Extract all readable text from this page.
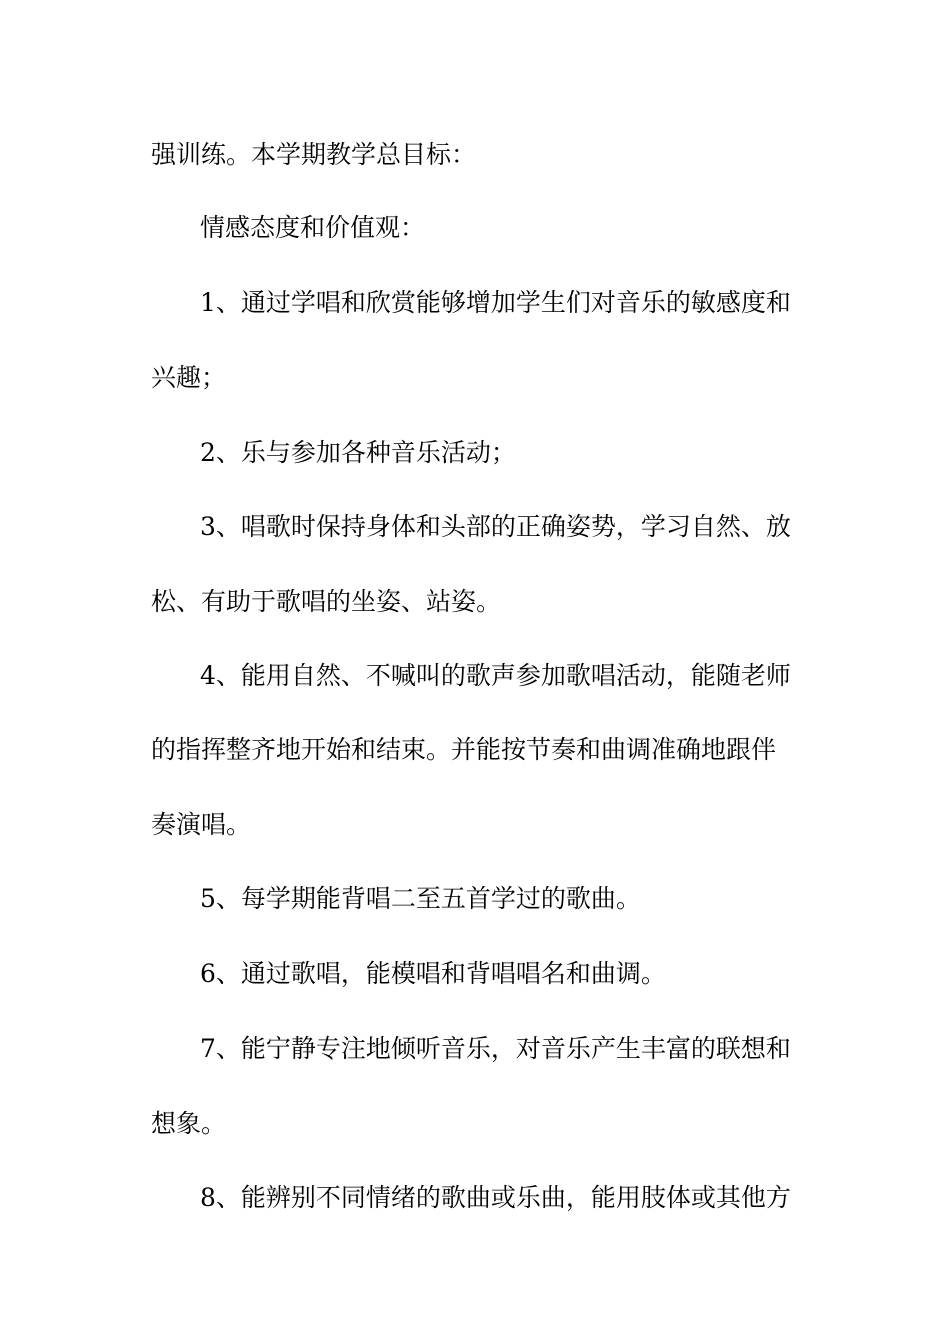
强训练。本学期教学总目标：
情感态度和价值观：
1、通过学唱和欣赏能够增加学生们对音乐的敏感度和
兴趣；
2、乐与参加各种音乐活动；
3、唱歌时保持身体和头部的正确姿势，学习自然、放
松、有助于歌唱的坐姿、站姿。
4、能用自然、不喊叫的歌声参加歌唱活动，能随老师
的指挥整齐地开始和结束。并能按节奏和曲调准确地跟伴
奏演唱。
5、每学期能背唱二至五首学过的歌曲。
6、通过歌唱，能模唱和背唱唱名和曲调。
7、能宁静专注地倾听音乐，对音乐产生丰富的联想和
想象。
8、能辨别不同情绪的歌曲或乐曲，能用肢体或其他方
